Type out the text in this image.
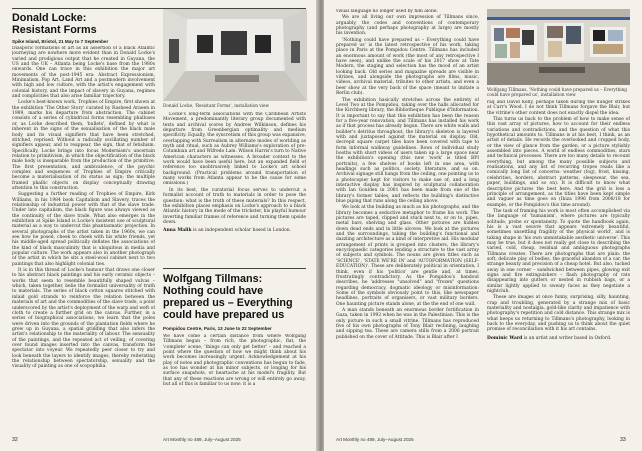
Donald Locke:
Resistant Forms

Spike Island, Bristol, 21 May to 7 September

Diasporic formations of art as an assertion of a black Atlantic journeying are nowhere more evident than in Donald Locke's varied and prodigious output that he created in Guyana, the US and the UK – Atlanta being Locke's base from the 1980s onwards. One can trace in this exhibition the major art movements of the post-1945 era: Abstract Expressionism, Minimalism, Pop Art, Land Art and a postmodern involvement with high and low culture, with the artist's engagement with colonial history, and the impact of slavery in Guyana, regimes and complicities that also arise familiar trajectory.

Locke's best-known work, Trophies of Empire, first shown at the exhibition 'The Other Story' curated by Rasheed Araeen in 1989, marks his departure from abstraction. The cabinet consists of a series of cylindrical forms resembling phalluses or, as Locke described them, 'bullets', defined by what is inherent in the signs of the sexualisation of the black male body and its visual signifiers that have been stretched, stitched, reprised. Without a radically oscillating number of signifiers appear, and to reappear, the sign, that of fetishism. Specifically, Locke brings into focus Modernism's uncertain relation to primitivism, in which the objectification of the black male body is inseparable from the production of the primitive. The first presentation, and ambivalence, of the psychic complex and sequences of Trophies of Empire critically become a materialisation of its status as sign; the multiple framed phallic objects on display conceptually drawing attention to this construction.

Suggesting a further reading of Trophies of Empire, Kirk Williams, in his 1984 book Capitalism and Slavery, traces the relationship of industrial power with that of the slave trade. Under late capitalism, the black figure was always viewed as the continuity of the slave trade. What also emerges in the exhibition at Spike Island is Locke's insistent use of sculptural material as a way to undercut this phantasmatic projection. In several photographs of the artist taken in the 1960s, we can see how he posed, cheek to cheek with his white friends, yet his middle-aged spread politically deflates the associations of the kind of black masculinity that is ubiquitous in media and popular culture. The work appears also in another photograph of the artist in which he sits a steel-wool cabinet next to two paintings that also highlight colonial ties.

It is in this thread of Locke's humour that draws one closer to his abstract black paintings and his early ceramic objects – works that seem to resemble beautifully shaped vulvas – which, taken together, belie the formalist universality of truth to materials. The series of black cotton squares stitched with inlaid gold strands to reinforce the relation between the materials of art and the commodities of the slave trade, a point underscored by the artist's deployment of the warp and weft of cloth to create a further grid on the canvas. Further, in a series of biographical associations, we learn that the poles were driven into the grounds of the plantation fields where he grew up in Guyana, a spatial gridding that also infers the artist's relationship to the materiality of labour. The sensuality of the paintings, and the repeated act of veiling, of covering over found images inserted into the canvas, transform the spectator into voyeur. We repeatedly peer closer to try and look beneath the layers to identify images, thereby reiterating the relationship between spectatorship, sexuality and the visuality of painting as one of scopophilia.

Donald Locke, 'Resistant Forms', installation view

Locke's long-term associations with the Caribbean Artists Movement, a predominantly literary group documented with texts and archival scores by Andrew Wilkinson, defines his departure from Greenbergian optimality and medium specificity. Equally, the syncretism of this group was expansive, overlapping with Surrealism in alternate modes of worlding as myth and ritual, such as Aubrey Williams's exploration of pre-Columbian art and Wifredo Lam. Wilson Harris's turn to Native American characters as witnesses. A broader context to the work would have been useful here, but an expanded field of reference too unobtrusively linked to Locke's art school background. (Practical problems around transportation of many works from Atlanta appear to be the cause for some omissions.)

In its best, the curatorial focus serves to undercut a formalist account of truth to materials in order to pose the question: what is the truth of these materials? In this respect, the exhibition places emphasis on Locke's approach to a black Atlantic history in the mode of the trickster, his playful humour inverting familiar frames of reference and turning them upside down.

Anna Malik is an independent scholar based in London.

Wolfgang Tillmans:
Nothing could have
prepared us – Everything
could have prepared us

Pompidou Centre, Paris, 13 June to 22 September

We have come a certain distance from where Wolfgang Tillmans began – from rich, the photographic, flat, the 'complete' scene, 'things can only get better' – and reached a point where the question of how we might think about his work becomes increasingly urgent. Acknowledgement at his play of notes and photographic conventions has begun to fade, as too has wonder at his minor subjects, or longing for his surface snapshots, or heartache at his model's fragility. But that any of these reactions are wrong or will entirely go away, but all of this is familiar to us now: it is a

32	Art Monthly no 489, July–August 2025

visual language no longer used by him alone.

We are all living our own impression of Tillmans since, arguably, the codes and conventions of contemporary photography (and perhaps photography at large) are mostly his invention.

'Nothing could have prepared us – Everything could have prepared us' is the latest retrospective of his work, taking place in Paris at the Pompidou Centre. Tillmans has included an enormous amount of work (the most of any retrospective I have seen), and unlike the scale of his 2017 show at Tate Modern, the staging and selection has the mood of an artist looking back. Old series and magazine spreads are visible in vitrines, and alongside the photographs are films, music, videos, archival material, tributes to other artists, and even a beer show at the very back of the space (meant to imitate a Berlin club).

The exhibition basically stretches across the entirety of Level Two at the Pompidou, taking over the halls allocated for the Kirchberg library, the Bibliotheque Publique d'Information. It is important to say that this exhibition has been the reason for a five-year renovation, and Tillmans has installed his work as if that process has already begun. There are white walls and builder's detritus throughout, the library's skeleton is layered with and juxtaposed against the material on display. Old, decrepit square carpet tiles have been covered with tape to form informal walkway guidelines. Rows of individual study booths with short videos of users taken up a large space near the exhibition's opening (this new 'work' is titled BPI portraits), a few shelves of books left in one area, with headings such as politics, society, literature, and so on. Archival signage still hangs from the ceiling, one pointing us to a photocopier kept for visitors to make use of; and a long interactive display has inspired by sculptural collaboration with Ian Goulden in 2001 has been made from one of the library's former tables, and reflects the building's distinctive blue piping that runs along the ceiling above.

We look at the building as much as his photographs, and the library becomes a seductive metaphor to frame his work. The pictures are taped, clipped and stuck next to, or on to, pipes, metal bars, shelving and glass. Other pictures are hidden down dead ends and in little alcoves. We look at the pictures and the surroundings, taking the building's functional and dazzling architecture as a kind of interpretive aid. His modular arrangement of prints is grouped into clusters, the library's encyclopaedic categories lending a structure to the vast array of subjects and symbols. The nouns are given titles such as 'SCIENCE', 'STATE WE'RE IN' and 'AUTOFORMATION (SELF-EDUCATION)'. These are deliberately political in orientation, I think, even if his 'politics' are gentle and, at times, frustratingly contradictory. As the Pompidou's handout describes, he 'addresses "unsolved" and "frozen" questions regarding democracy, dogmatic ideology or misinformation: Some of the symbols obviously point to this, like newspaper headlines, portraits of organisers, or vast military borders. One haunting picture stands alone, at the the end of one wall.

A man stands beneath an enormous border fortification in Gaza, taken in 1992 when he was in the Palestinian. This is the only picture in such a small vitrine. Tillmans has reproduced five of his own photographs of Tony Blair reclining, laughing and sipping tea. These are camera stills from a 2006 portrait published on the cover of Attitude. This is Blair after I

Wolfgang Tillmans, 'Nothing could have prepared us – Everything could have prepared us', installation view

raq and David Kelly, perhaps taken during the hunger strikes at Carr's Wood. I do not think Tillmans forgave the Blair, but the vitrine's other content does not exactly dispel the idea.

This turns us back to the problem of how to make sense of this vast array of pictures, how to account for their endless variations and contradictions, and the question of what this hypothetical amounts to. Tillmans is at his best, I think, as an artist of details. He records the overlooked and cropped body, or the view of glance from the garden, or a picture stylishly assembled into pieces. A world of endless commodities, stars and technical processes. There are too many details to recount everything, but among the many possible subjects and realisations, and any list of recurring tropes reads like a comically long list of concerns: weather (fog), frost, kissing, celebrities, borders, abstract patterns, sleepwear, the sea, paper, buildings, and so on). It is difficult to know what descriptive pictures the best here. And the grid is less a principle of arrangement, as the titles have been kept simple and vaguer as time goes on (Ibiza 1996 from 2008/18 for example, or the Pompidou's this time around).

The task of framing his work is most often accomplished via the language of 'humanism', where pictures are typically solitude, probe or spontaneity. To quote the handbook again, his is a vast oeuvre that appears 'extremely beautiful, sometimes unsettling fragility of the physical world', and is taking shape in 'his own unmistakable aesthetic universe'. This may be true, but it does not really get close to describing the varied, cold, cheap, residual and ambiguous photographs Tillmans creates. There are photographs that are plain: the soft, delicate play of bodies, the graceful abandon of a car, the strange beauty and precision of a cheap hotel. But also, tucked away in one corner – sandwiched between pipes, glowing exit signs and fire extinguishers – flash photography of rats disappearing into gutters or nested in rubbish bags, or a similar lightly applied to sweaty faces as they negotiate a nightclub.

These are images at once funny, surprising, silly, haunting, crap and troubling, generated by a strange mix of basic materiality and nostalgia, gold-like clarity and impatience with photography's repetition and cold distance. This strange mix is what keeps us returning to Tillmans's photography, looking in back to the everyday, and pushing us to think about the quiet promise of reconciliation with it his art contains.

Dominic Ward is an artist and writer based in Oxford.

Art Monthly no 489, July–August 2025	33
